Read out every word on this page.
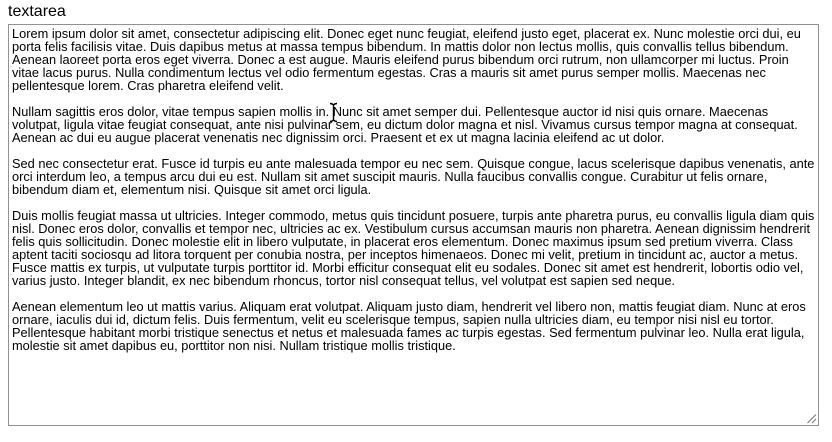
textarea

Lorem ipsum dolor sit amet, consectetur adipiscing elit. Donec eget nunc feugiat, eleifend justo eget, placerat ex. Nunc molestie orci dui, eu porta felis facilisis vitae. Duis dapibus metus at massa tempus bibendum. In mattis dolor non lectus mollis, quis convallis tellus bibendum. Aenean laoreet porta eros eget viverra. Donec a est augue. Mauris eleifend purus bibendum orci rutrum, non ullamcorper mi luctus. Proin vitae lacus purus. Nulla condimentum lectus vel odio fermentum egestas. Cras a mauris sit amet purus semper mollis. Maecenas nec pellentesque lorem. Cras pharetra eleifend velit.

Nullam sagittis eros dolor, vitae tempus sapien mollis in. Nunc sit amet semper dui. Pellentesque auctor id nisi quis ornare. Maecenas volutpat, ligula vitae feugiat consequat, ante nisi pulvinar sem, eu dictum dolor magna et nisl. Vivamus cursus tempor magna at consequat. Aenean ac dui eu augue placerat venenatis nec dignissim orci. Praesent et ex ut magna lacinia eleifend ac ut dolor.

Sed nec consectetur erat. Fusce id turpis eu ante malesuada tempor eu nec sem. Quisque congue, lacus scelerisque dapibus venenatis, ante orci interdum leo, a tempus arcu dui eu est. Nullam sit amet suscipit mauris. Nulla faucibus convallis congue. Curabitur ut felis ornare, bibendum diam et, elementum nisi. Quisque sit amet orci ligula.

Duis mollis feugiat massa ut ultricies. Integer commodo, metus quis tincidunt posuere, turpis ante pharetra purus, eu convallis ligula diam quis nisl. Donec eros dolor, convallis et tempor nec, ultricies ac ex. Vestibulum cursus accumsan mauris non pharetra. Aenean dignissim hendrerit felis quis sollicitudin. Donec molestie elit in libero vulputate, in placerat eros elementum. Donec maximus ipsum sed pretium viverra. Class aptent taciti sociosqu ad litora torquent per conubia nostra, per inceptos himenaeos. Donec mi velit, pretium in tincidunt ac, auctor a metus. Fusce mattis ex turpis, ut vulputate turpis porttitor id. Morbi efficitur consequat elit eu sodales. Donec sit amet est hendrerit, lobortis odio vel, varius justo. Integer blandit, ex nec bibendum rhoncus, tortor nisl consequat tellus, vel volutpat est sapien sed neque.

Aenean elementum leo ut mattis varius. Aliquam erat volutpat. Aliquam justo diam, hendrerit vel libero non, mattis feugiat diam. Nunc at eros ornare, iaculis dui id, dictum felis. Duis fermentum, velit eu scelerisque tempus, sapien nulla ultricies diam, eu tempor nisi nisl eu tortor. Pellentesque habitant morbi tristique senectus et netus et malesuada fames ac turpis egestas. Sed fermentum pulvinar leo. Nulla erat ligula, molestie sit amet dapibus eu, porttitor non nisi. Nullam tristique mollis tristique.
